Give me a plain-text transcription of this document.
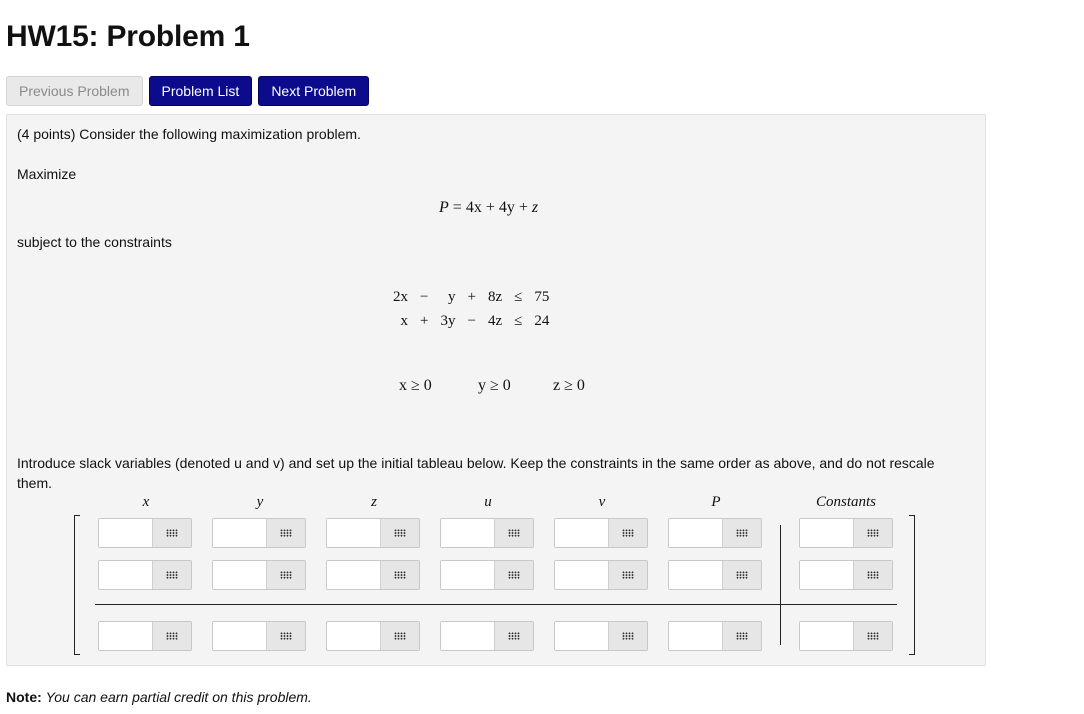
HW15: Problem 1
Previous Problem	Problem List	Next Problem
(4 points) Consider the following maximization problem.
Maximize
P = 4x + 4y + z
subject to the constraints
2x	−	y	+	8z	≤	75
x	+	3y	−	4z	≤	24
x ≥ 0	y ≥ 0	z ≥ 0
Introduce slack variables (denoted u and v) and set up the initial tableau below. Keep the constraints in the same order as above, and do not rescale them.
x	y	z	u	v	P	Constants
Note: You can earn partial credit on this problem.
